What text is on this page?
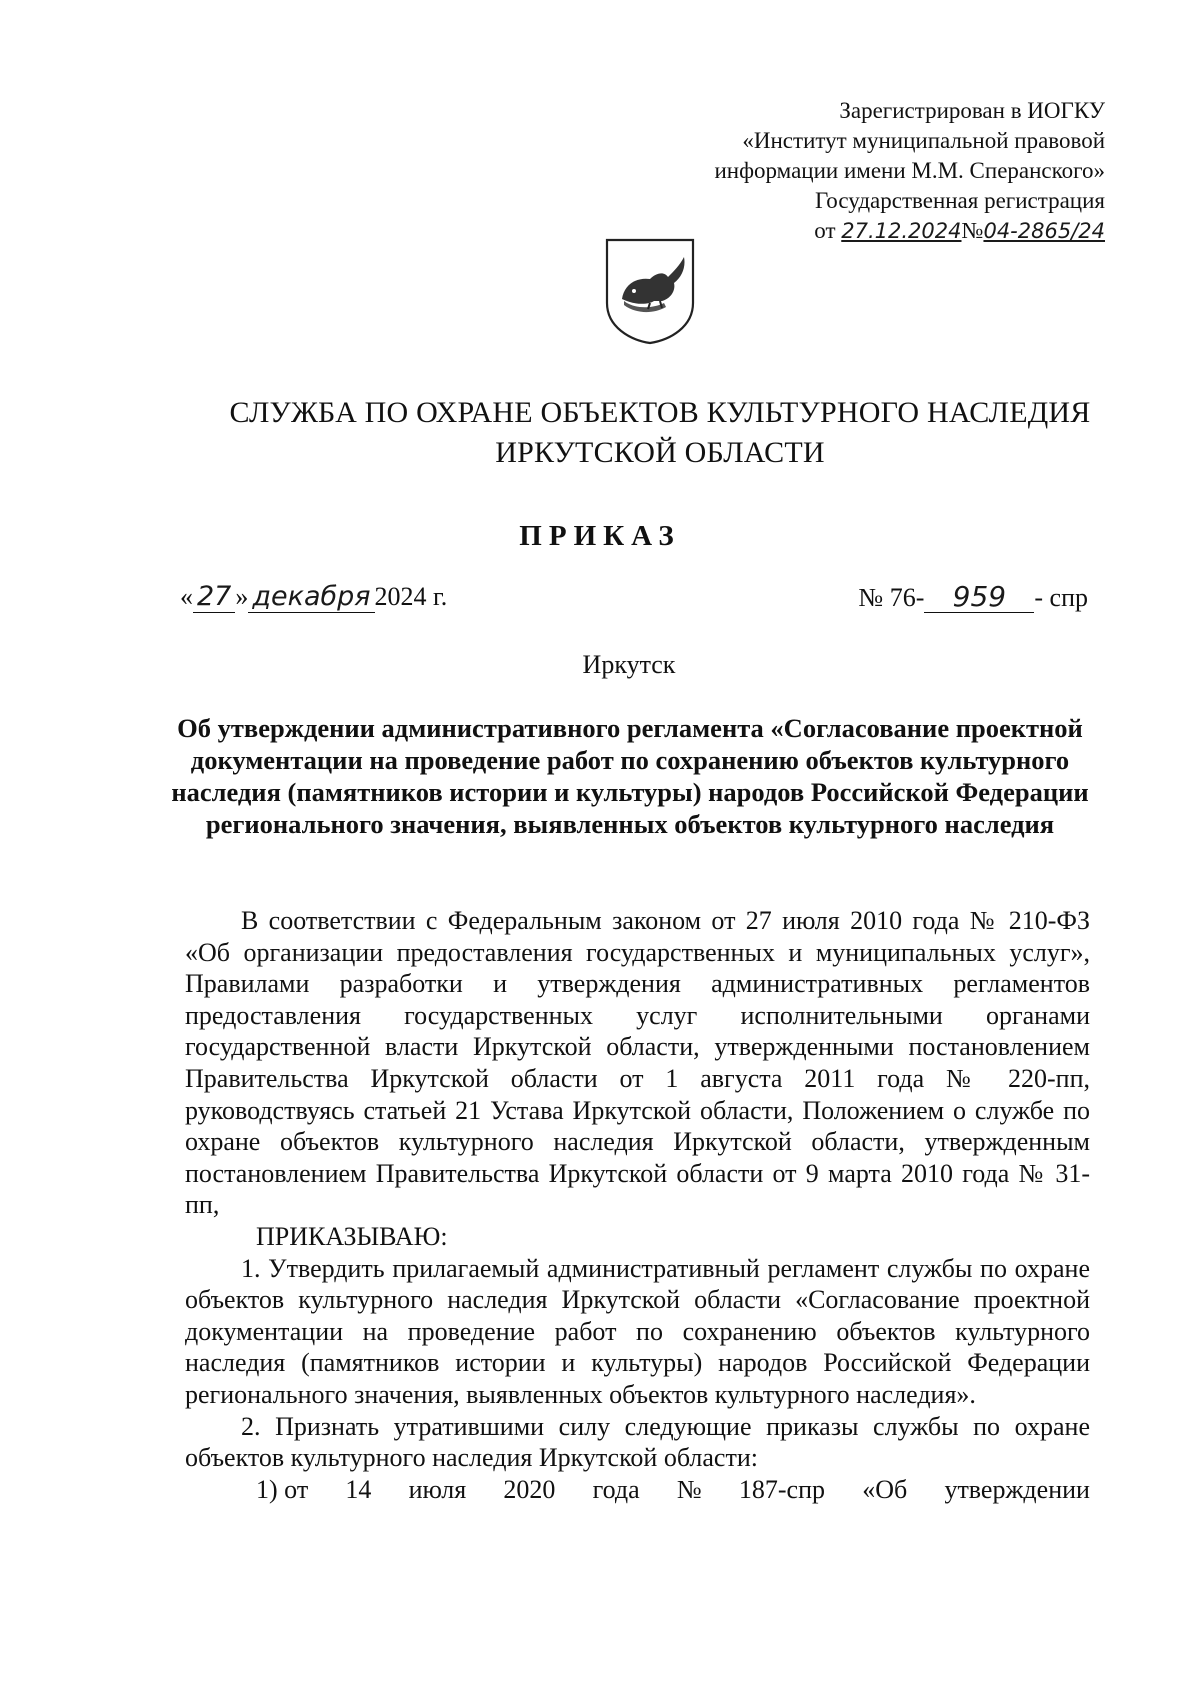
Зарегистрирован в ИОГКУ
«Институт муниципальной правовой
информации имени М.М. Сперанского»
Государственная регистрация
от 27.12.2024№04-2865/24
СЛУЖБА ПО ОХРАНЕ ОБЪЕКТОВ КУЛЬТУРНОГО НАСЛЕДИЯ
ИРКУТСКОЙ ОБЛАСТИ
ПРИКАЗ
« 27 » декабря 2024 г.	№ 76- 959 - спр
Иркутск
Об утверждении административного регламента «Согласование проектной документации на проведение работ по сохранению объектов культурного наследия (памятников истории и культуры) народов Российской Федерации регионального значения, выявленных объектов культурного наследия

В соответствии с Федеральным законом от 27 июля 2010 года № 210-ФЗ «Об организации предоставления государственных и муниципальных услуг», Правилами разработки и утверждения административных регламентов предоставления государственных услуг исполнительными органами государственной власти Иркутской области, утвержденными постановлением Правительства Иркутской области от 1 августа 2011 года № 220-пп, руководствуясь статьей 21 Устава Иркутской области, Положением о службе по охране объектов культурного наследия Иркутской области, утвержденным постановлением Правительства Иркутской области от 9 марта 2010 года № 31-пп,

ПРИКАЗЫВАЮ:

1. Утвердить прилагаемый административный регламент службы по охране объектов культурного наследия Иркутской области «Согласование проектной документации на проведение работ по сохранению объектов культурного наследия (памятников истории и культуры) народов Российской Федерации регионального значения, выявленных объектов культурного наследия».

2. Признать утратившими силу следующие приказы службы по охране объектов культурного наследия Иркутской области:

1) от 14 июля 2020 года № 187-спр «Об утверждении
